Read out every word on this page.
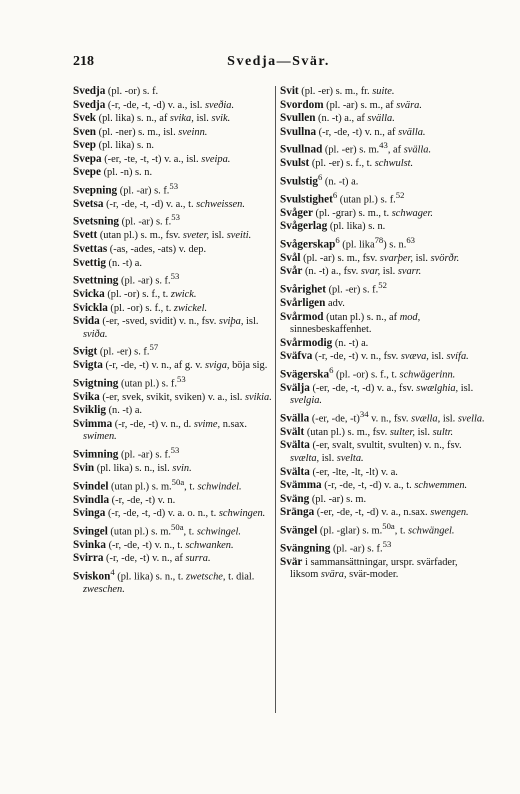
218	Svedja—Svär.
Svedja (pl. -or) s. f.
Svedja (-r, -de, -t, -d) v. a., isl. sveðia.
Svek (pl. lika) s. n., af svika, isl. svik.
Sven (pl. -ner) s. m., isl. sveinn.
Svep (pl. lika) s. n.
Svepa (-er, -te, -t, -t) v. a., isl. sveipa.
Svepe (pl. -n) s. n.
Svepning (pl. -ar) s. f.$^{53}$
Svetsa (-r, -de, -t, -d) v. a., t. schweissen.
Svetsning (pl. -ar) s. f.$^{53}$
Svett (utan pl.) s. m., fsv. sveter, isl. sveiti.
Svettas (-as, -ades, -ats) v. dep.
Svettig (n. -t) a.
Svettning (pl. -ar) s. f.$^{53}$
Svicka (pl. -or) s. f., t. zwick.
Svickla (pl. -or) s. f., t. zwickel.
Svida (-er, -sved, svidit) v. n., fsv. sviþa, isl. sviða.
Svigt (pl. -er) s. f.$^{57}$
Svigta (-r, -de, -t) v. n., af g. v. sviga, böja sig.
Svigtning (utan pl.) s. f.$^{53}$
Svika (-er, svek, svikit, sviken) v. a., isl. svikia.
Sviklig (n. -t) a.
Svimma (-r, -de, -t) v. n., d. svime, n.sax. swimen.
Svimning (pl. -ar) s. f.$^{53}$
Svin (pl. lika) s. n., isl. svin.
Svindel (utan pl.) s. m.$^{50a}$, t. schwindel.
Svindla (-r, -de, -t) v. n.
Svinga (-r, -de, -t, -d) v. a. o. n., t. schwingen.
Svingel (utan pl.) s. m.$^{50a}$, t. schwingel.
Svinka (-r, -de, -t) v. n., t. schwanken.
Svirra (-r, -de, -t) v. n., af surra.
Sviskon$^4$ (pl. lika) s. n., t. zwetsche, t. dial. zweschen.
Svit (pl. -er) s. m., fr. suite.
Svordom (pl. -ar) s. m., af svära.
Svullen (n. -t) a., af svälla.
Svullna (-r, -de, -t) v. n., af svälla.
Svullnad (pl. -er) s. m.$^{43}$, af svälla.
Svulst (pl. -er) s. f., t. schwulst.
Svulstig$^6$ (n. -t) a.
Svulstighet$^6$ (utan pl.) s. f.$^{52}$
Svåger (pl. -grar) s. m., t. schwager.
Svågerlag (pl. lika) s. n.
Svågerskap$^6$ (pl. lika$^{78}$) s. n.$^{63}$
Svål (pl. -ar) s. m., fsv. svarþer, isl. svörðr.
Svår (n. -t) a., fsv. svar, isl. svarr.
Svårighet (pl. -er) s. f.$^{52}$
Svårligen adv.
Svårmod (utan pl.) s. n., af mod, sinnesbeskaffenhet.
Svårmodig (n. -t) a.
Sväfva (-r, -de, -t) v. n., fsv. svæva, isl. svífa.
Svägerska$^6$ (pl. -or) s. f., t. schwägerinn.
Svälja (-er, -de, -t, -d) v. a., fsv. swælghia, isl. svelgia.
Svälla (-er, -de, -t)$^{34}$ v. n., fsv. svælla, isl. svella.
Svält (utan pl.) s. m., fsv. sulter, isl. sultr.
Svälta (-er, svalt, svultit, svulten) v. n., fsv. svælta, isl. svelta.
Svälta (-er, -lte, -lt, -lt) v. a.
Svämma (-r, -de, -t, -d) v. a., t. schwemmen.
Sväng (pl. -ar) s. m.
Sränga (-er, -de, -t, -d) v. a., n.sax. swengen.
Svängel (pl. -glar) s. m.$^{50a}$, t. schwängel.
Svängning (pl. -ar) s. f.$^{53}$
Svär i sammansättningar, urspr. svärfader, liksom svära, svär-moder.
